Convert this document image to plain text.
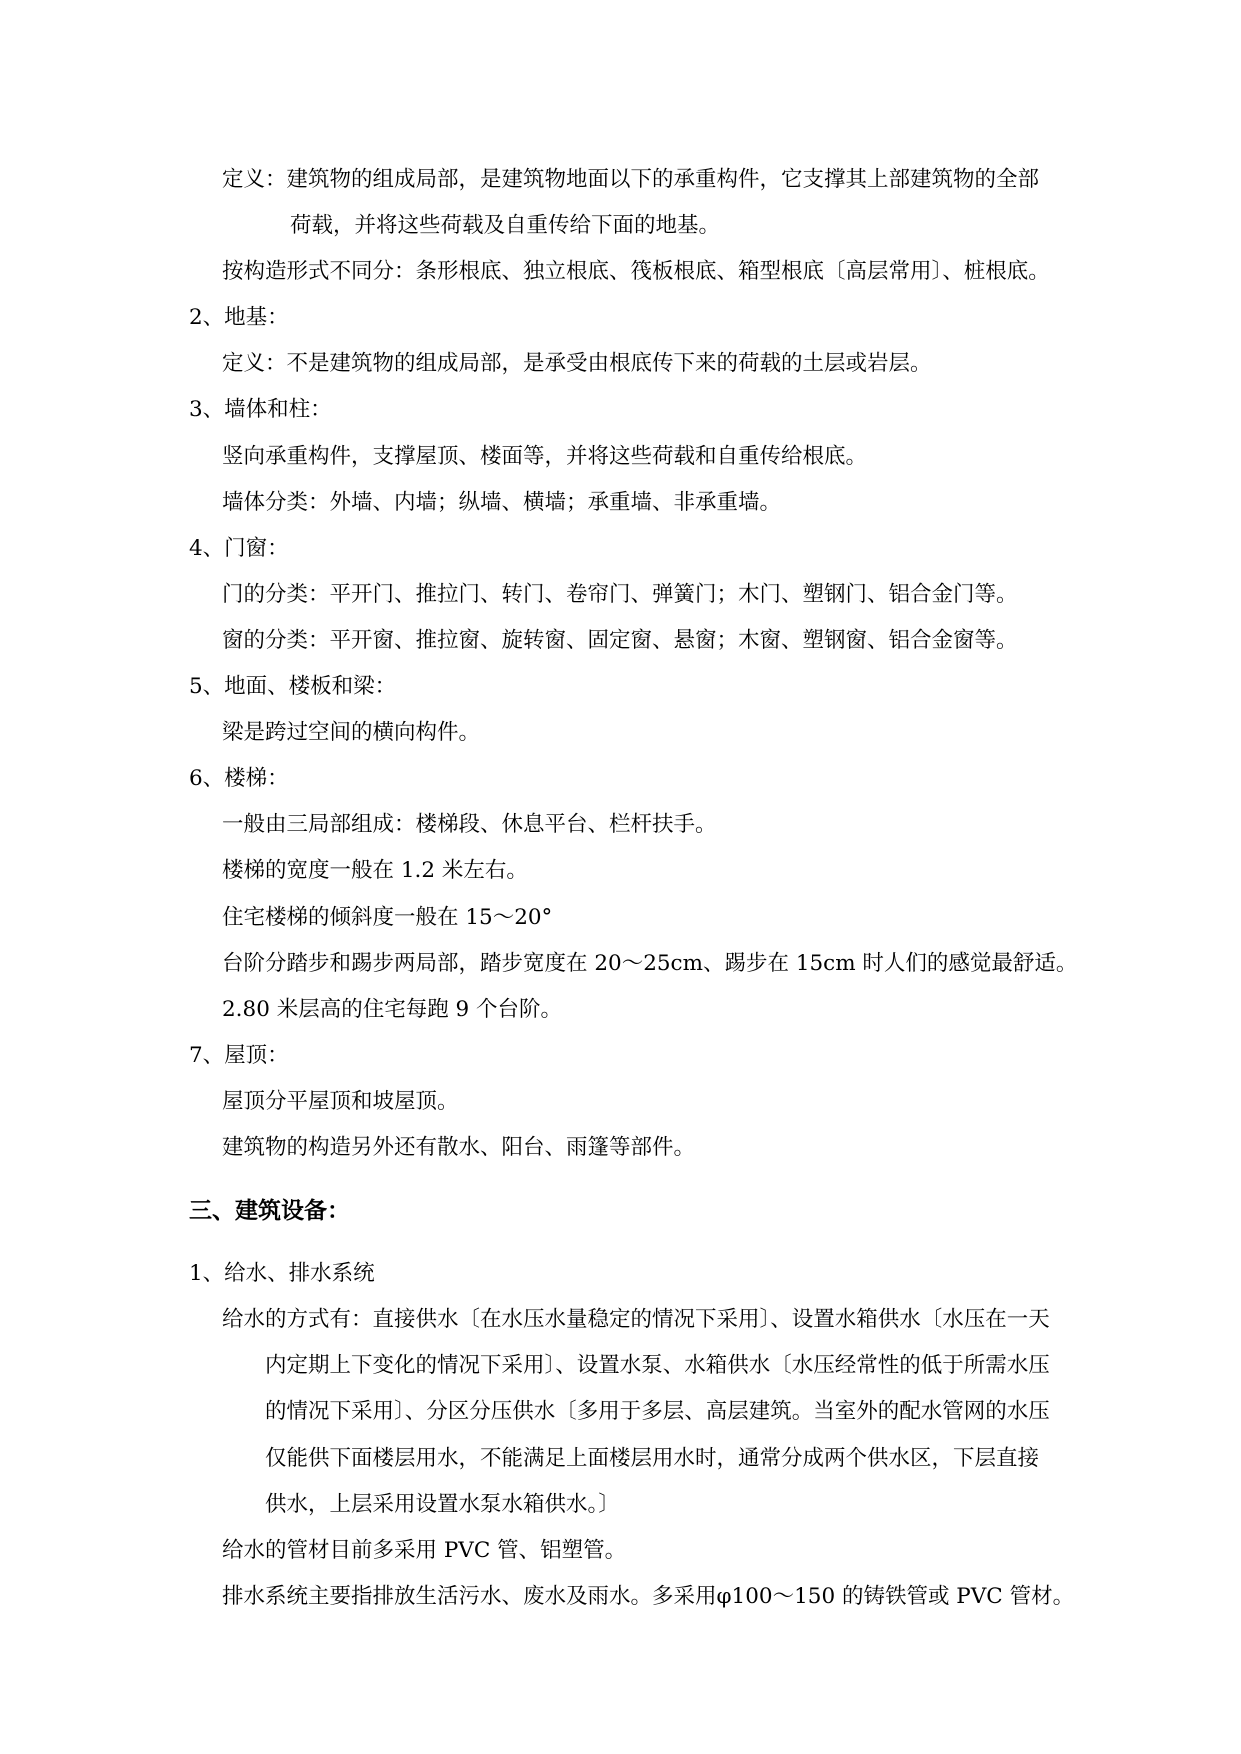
定义：建筑物的组成局部，是建筑物地面以下的承重构件，它支撑其上部建筑物的全部
荷载，并将这些荷载及自重传给下面的地基。
按构造形式不同分：条形根底、独立根底、筏板根底、箱型根底〔高层常用〕、桩根底。
2、地基：
定义：不是建筑物的组成局部，是承受由根底传下来的荷载的土层或岩层。
3、墙体和柱：
竖向承重构件，支撑屋顶、楼面等，并将这些荷载和自重传给根底。
墙体分类：外墙、内墙；纵墙、横墙；承重墙、非承重墙。
4、门窗：
门的分类：平开门、推拉门、转门、卷帘门、弹簧门；木门、塑钢门、铝合金门等。
窗的分类：平开窗、推拉窗、旋转窗、固定窗、悬窗；木窗、塑钢窗、铝合金窗等。
5、地面、楼板和梁：
梁是跨过空间的横向构件。
6、楼梯：
一般由三局部组成：楼梯段、休息平台、栏杆扶手。
楼梯的宽度一般在 1.2 米左右。
住宅楼梯的倾斜度一般在 15～20°
台阶分踏步和踢步两局部，踏步宽度在 20～25cm、踢步在 15cm 时人们的感觉最舒适。
2.80 米层高的住宅每跑 9 个台阶。
7、屋顶：
屋顶分平屋顶和坡屋顶。
建筑物的构造另外还有散水、阳台、雨篷等部件。
三、建筑设备：
1、给水、排水系统
给水的方式有：直接供水〔在水压水量稳定的情况下采用〕、设置水箱供水〔水压在一天
内定期上下变化的情况下采用〕、设置水泵、水箱供水〔水压经常性的低于所需水压
的情况下采用〕、分区分压供水〔多用于多层、高层建筑。当室外的配水管网的水压
仅能供下面楼层用水，不能满足上面楼层用水时，通常分成两个供水区，下层直接
供水，上层采用设置水泵水箱供水。〕
给水的管材目前多采用 PVC 管、铝塑管。
排水系统主要指排放生活污水、废水及雨水。多采用φ100～150 的铸铁管或 PVC 管材。
